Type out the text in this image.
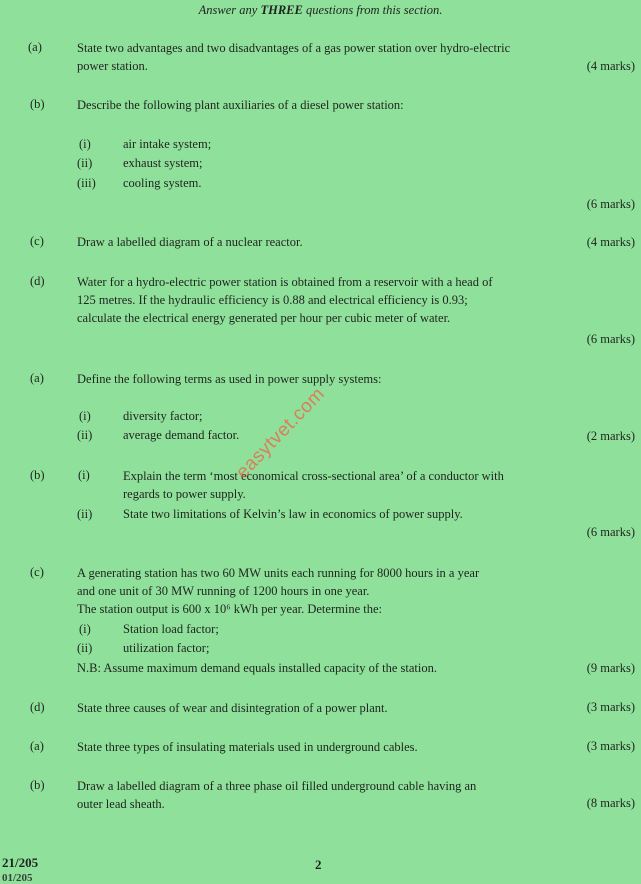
Answer any THREE questions from this section.
(a)	State two advantages and two disadvantages of a gas power station over hydro-electric
power station.	(4 marks)
(b)	Describe the following plant auxiliaries of a diesel power station:
(i)	air intake system;
(ii) exhaust system;
(iii) cooling system.
(6 marks)
(c)	Draw a labelled diagram of a nuclear reactor.	(4 marks)
(d)	Water for a hydro-electric power station is obtained from a reservoir with a head of
125 metres. If the hydraulic efficiency is 0.88 and electrical efficiency is 0.93;
calculate the electrical energy generated per hour per cubic meter of water.
(6 marks)
(a)	Define the following terms as used in power supply systems:
(i)	diversity factor;
(ii) average demand factor.	(2 marks)
(b)	(i)	Explain the term ‘most economical cross-sectional area’ of a conductor with
regards to power supply.
(ii) State two limitations of Kelvin’s law in economics of power supply.
(6 marks)
(c)	A generating station has two 60 MW units each running for 8000 hours in a year
and one unit of 30 MW running of 1200 hours in one year.
The station output is 600 x 10⁶ kWh per year. Determine the:
(i)	Station load factor;
(ii) utilization factor;
N.B: Assume maximum demand equals installed capacity of the station.	(9 marks)
(d)	State three causes of wear and disintegration of a power plant.	(3 marks)
(a)	State three types of insulating materials used in underground cables.	(3 marks)
(b)	Draw a labelled diagram of a three phase oil filled underground cable having an
outer lead sheath.	(8 marks)
easytvet.com
21/205
01/205
2
